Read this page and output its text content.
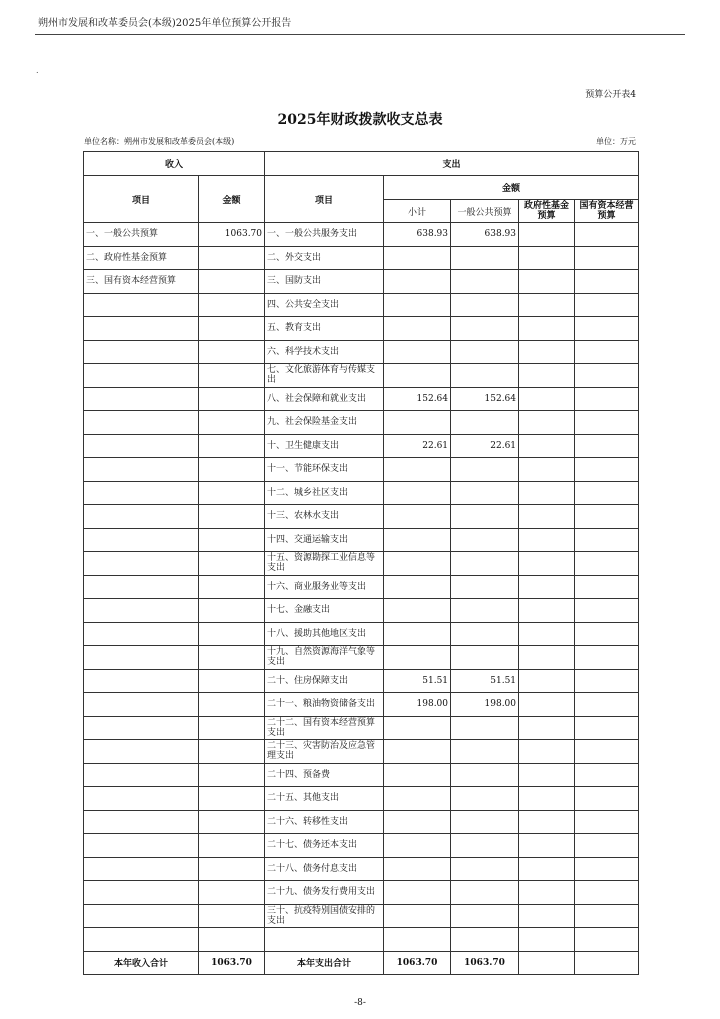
朔州市发展和改革委员会(本级)2025年单位预算公开报告
.
预算公开表4
2025年财政拨款收支总表
单位名称：朔州市发展和改革委员会(本级)	单位：万元
收入		支出				
项目	金额	项目	金额			
			小计	一般公共预算	政府性基金预算	国有资本经营预算
一、一般公共预算	1063.70	一、一般公共服务支出	638.93	638.93		
二、政府性基金预算		二、外交支出				
三、国有资本经营预算		三、国防支出				
		四、公共安全支出				
		五、教育支出				
		六、科学技术支出				
		七、文化旅游体育与传媒支出				
		八、社会保障和就业支出	152.64	152.64		
		九、社会保险基金支出				
		十、卫生健康支出	22.61	22.61		
		十一、节能环保支出				
		十二、城乡社区支出				
		十三、农林水支出				
		十四、交通运输支出				
		十五、资源勘探工业信息等支出				
		十六、商业服务业等支出				
		十七、金融支出				
		十八、援助其他地区支出				
		十九、自然资源海洋气象等支出				
		二十、住房保障支出	51.51	51.51		
		二十一、粮油物资储备支出	198.00	198.00		
		二十二、国有资本经营预算支出				
		二十三、灾害防治及应急管理支出				
		二十四、预备费				
		二十五、其他支出				
		二十六、转移性支出				
		二十七、债务还本支出				
		二十八、债务付息支出				
		二十九、债务发行费用支出				
		三十、抗疫特别国债安排的支出				

本年收入合计	1063.70	本年支出合计	1063.70	1063.70		
-8-
